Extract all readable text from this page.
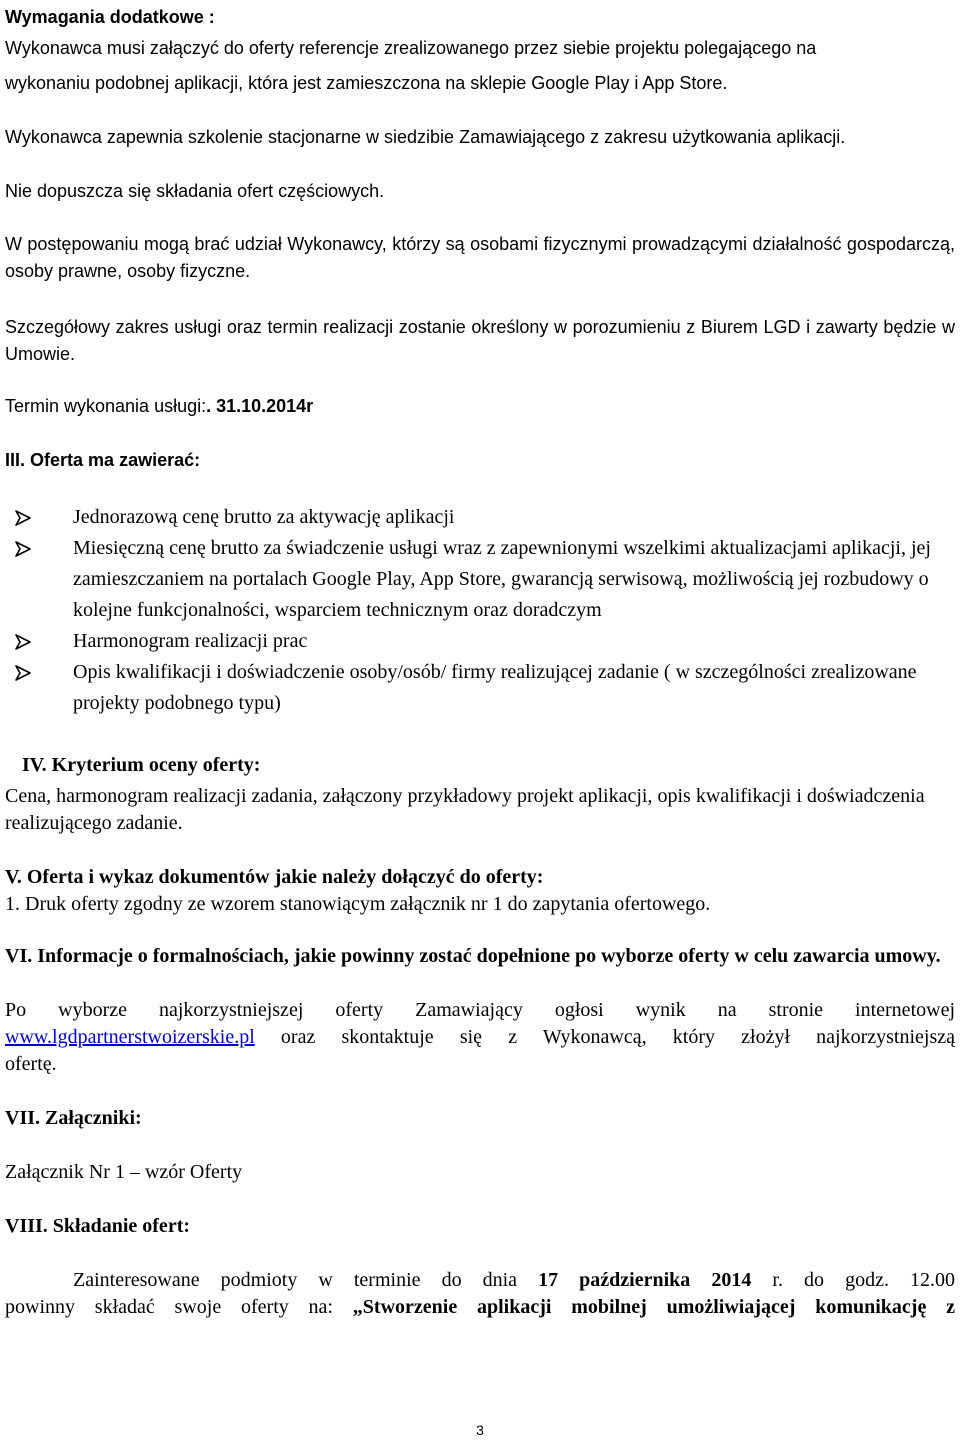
Wymagania dodatkowe :
Wykonawca musi załączyć do oferty referencje zrealizowanego przez siebie projektu polegającego na
wykonaniu podobnej aplikacji, która jest zamieszczona na sklepie Google Play i App Store.
Wykonawca zapewnia szkolenie stacjonarne w siedzibie Zamawiającego z zakresu użytkowania aplikacji.
Nie dopuszcza się składania ofert częściowych.
W postępowaniu mogą brać udział Wykonawcy, którzy są osobami fizycznymi prowadzącymi działalność gospodarczą, osoby prawne, osoby fizyczne.
Szczegółowy zakres usługi oraz termin realizacji zostanie określony w porozumieniu z Biurem LGD i zawarty będzie w Umowie.
Termin wykonania usługi:. 31.10.2014r
III. Oferta ma zawierać:
Jednorazową cenę brutto za aktywację aplikacji
Miesięczną cenę brutto za świadczenie usługi wraz z zapewnionymi wszelkimi aktualizacjami aplikacji, jej zamieszczaniem na portalach Google Play, App Store, gwarancją serwisową, możliwością jej rozbudowy o kolejne funkcjonalności, wsparciem technicznym oraz doradczym
Harmonogram realizacji prac
Opis kwalifikacji i doświadczenie osoby/osób/ firmy realizującej zadanie ( w szczególności zrealizowane projekty podobnego typu)
IV. Kryterium oceny oferty:
Cena, harmonogram realizacji zadania, załączony przykładowy projekt aplikacji, opis kwalifikacji i doświadczenia realizującego zadanie.
V. Oferta i wykaz dokumentów jakie należy dołączyć do oferty:
1. Druk oferty zgodny ze wzorem stanowiącym załącznik nr 1 do zapytania ofertowego.
VI. Informacje o formalnościach, jakie powinny zostać dopełnione po wyborze oferty w celu zawarcia umowy.
Po wyborze najkorzystniejszej oferty Zamawiający ogłosi wynik na stronie internetowej
www.lgdpartnerstwoizerskie.pl oraz skontaktuje się z Wykonawcą, który złożył najkorzystniejszą
ofertę.
VII. Załączniki:
Załącznik Nr 1 – wzór Oferty
VIII. Składanie ofert:
Zainteresowane podmioty w terminie do dnia 17 października 2014 r. do godz. 12.00
powinny składać swoje oferty na: „Stworzenie aplikacji mobilnej umożliwiającej komunikację z
3
